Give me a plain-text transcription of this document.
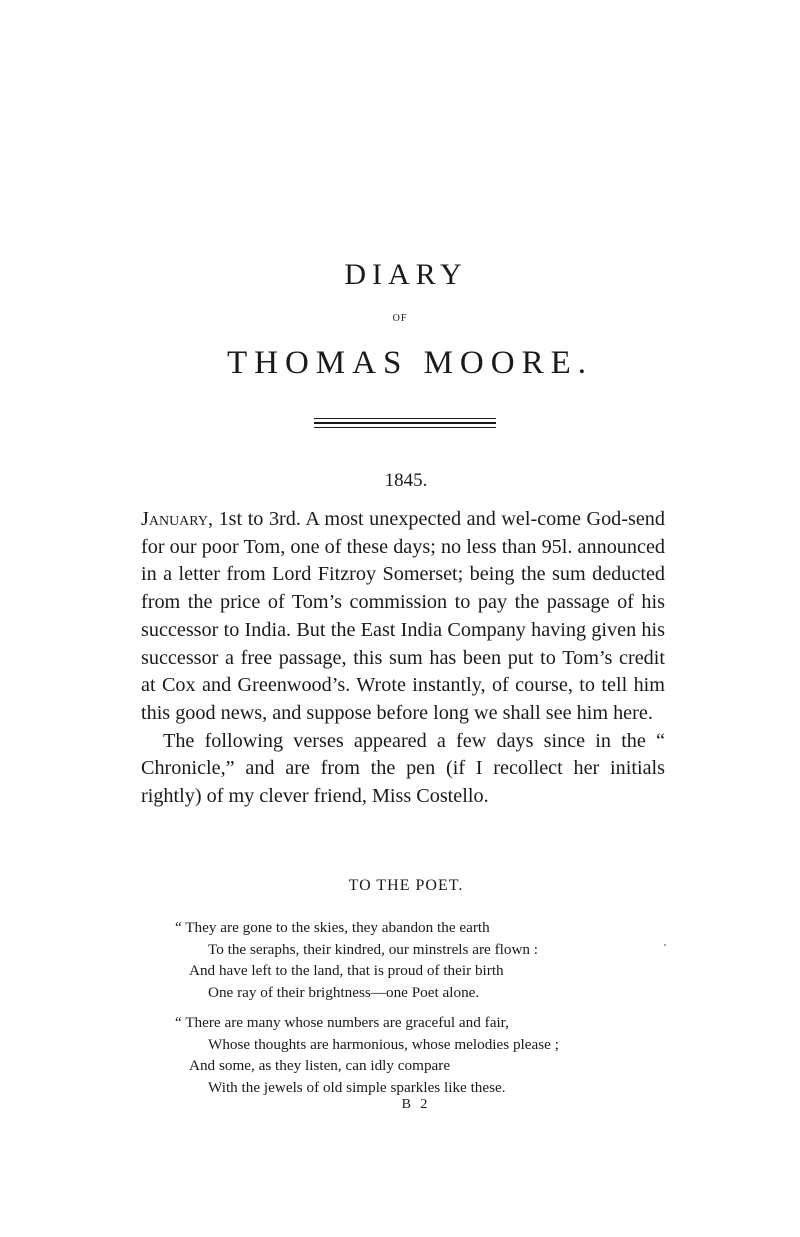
DIARY
OF
THOMAS MOORE.
1845.

January, 1st to 3rd. A most unexpected and wel-come God-send for our poor Tom, one of these days; no less than 95l. announced in a letter from Lord Fitzroy Somerset; being the sum deducted from the price of Tom’s commission to pay the passage of his successor to India. But the East India Company having given his successor a free passage, this sum has been put to Tom’s credit at Cox and Greenwood’s. Wrote instantly, of course, to tell him this good news, and suppose before long we shall see him here.

The following verses appeared a few days since in the “ Chronicle,” and are from the pen (if I recollect her initials rightly) of my clever friend, Miss Costello.

TO THE POET.
“ They are gone to the skies, they abandon the earth
To the seraphs, their kindred, our minstrels are flown :
And have left to the land, that is proud of their birth
One ray of their brightness—one Poet alone.
“ There are many whose numbers are graceful and fair,
Whose thoughts are harmonious, whose melodies please ;
And some, as they listen, can idly compare
With the jewels of old simple sparkles like these.
B 2
